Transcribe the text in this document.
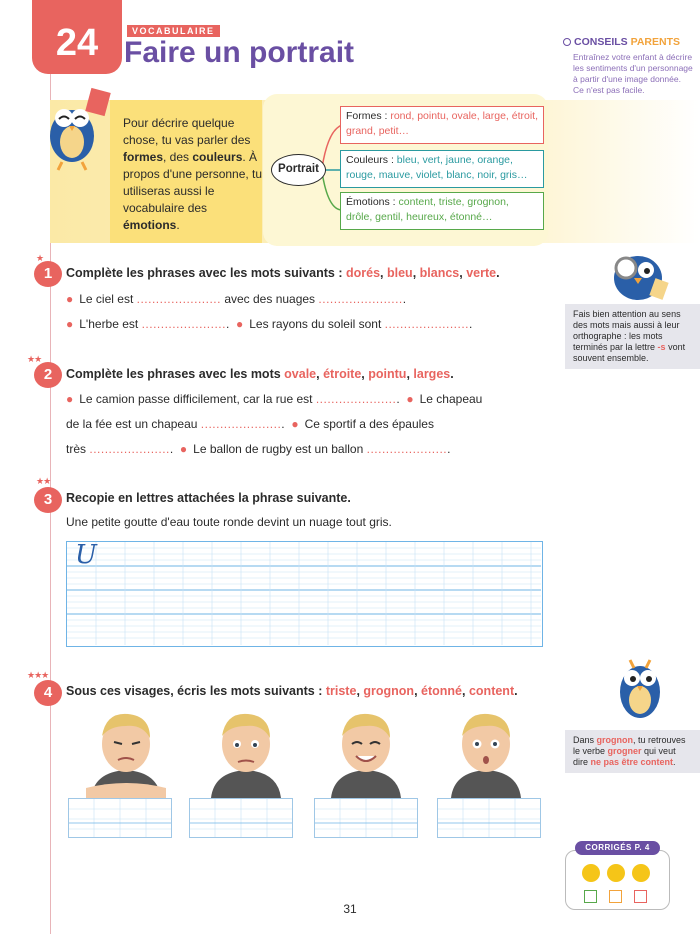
24	VOCABULAIRE
Faire un portrait	CONSEILS PARENTS
Entraînez votre enfant à décrire les sentiments d'un personnage à partir d'une image donnée. Ce n'est pas facile.
Pour décrire quelque chose, tu vas parler des formes, des couleurs. À propos d'une personne, tu utiliseras aussi le vocabulaire des émotions.
Portrait
Formes : rond, pointu, ovale, large, étroit, grand, petit…
Couleurs : bleu, vert, jaune, orange, rouge, mauve, violet, blanc, noir, gris…
Émotions : content, triste, grognon, drôle, gentil, heureux, étonné…
★
1	Complète les phrases avec les mots suivants : dorés, bleu, blancs, verte.
● Le ciel est ...................... avec des nuages .......................
● L'herbe est .......................  ● Les rayons du soleil sont .......................
★★
2	Complète les phrases avec les mots ovale, étroite, pointu, larges.
● Le camion passe difficilement, car la rue est ......................  ● Le chapeau
de la fée est un chapeau ......................  ● Ce sportif a des épaules
très ......................  ● Le ballon de rugby est un ballon ......................
★★
3	Recopie en lettres attachées la phrase suivante.
Une petite goutte d'eau toute ronde devint un nuage tout gris.
U
★★★
4	Sous ces visages, écris les mots suivants : triste, grognon, étonné, content.
Fais bien attention au sens des mots mais aussi à leur orthographe : les mots terminés par la lettre -s vont souvent ensemble.
Dans grognon, tu retrouves le verbe grogner qui veut dire ne pas être content.
CORRIGÉS P. 4
31
